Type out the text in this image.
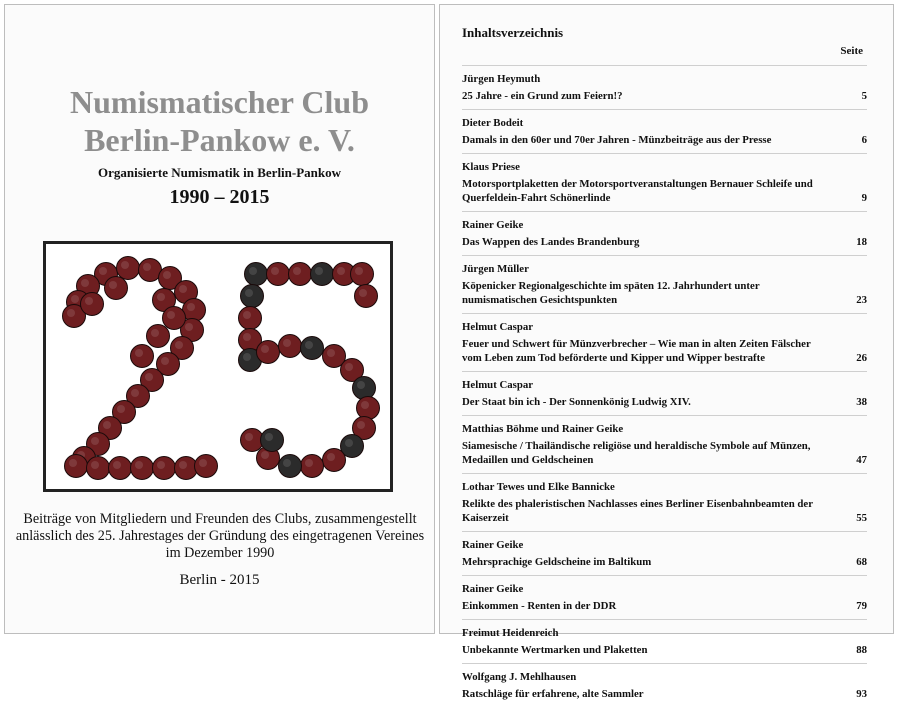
Numismatischer Club
Berlin-Pankow e. V.
Organisierte Numismatik in Berlin-Pankow
1990 – 2015
Beiträge von Mitgliedern und Freunden des Clubs, zusammengestellt anlässlich des 25. Jahrestages der Gründung des eingetragenen Vereines im Dezember 1990
Berlin - 2015
Inhaltsverzeichnis
Seite
Jürgen Heymuth
25 Jahre - ein Grund zum Feiern!?	5
Dieter Bodeit
Damals in den 60er und 70er Jahren - Münzbeiträge aus der Presse	6
Klaus Priese
Motorsportplaketten der Motorsportveranstaltungen Bernauer Schleife und Querfeldein-Fahrt Schönerlinde	9
Rainer Geike
Das Wappen des Landes Brandenburg	18
Jürgen Müller
Köpenicker Regionalgeschichte im späten 12. Jahrhundert unter numismatischen Gesichtspunkten	23
Helmut Caspar
Feuer und Schwert für Münzverbrecher – Wie man in alten Zeiten Fälscher vom Leben zum Tod beförderte und Kipper und Wipper bestrafte	26
Helmut Caspar
Der Staat bin ich - Der Sonnenkönig Ludwig XIV.	38
Matthias Böhme und Rainer Geike
Siamesische / Thailändische religiöse und heraldische Symbole auf Münzen, Medaillen und Geldscheinen	47
Lothar Tewes und Elke Bannicke
Relikte des phaleristischen Nachlasses eines Berliner Eisenbahnbeamten der Kaiserzeit	55
Rainer Geike
Mehrsprachige Geldscheine im Baltikum	68
Rainer Geike
Einkommen - Renten in der DDR	79
Freimut Heidenreich
Unbekannte Wertmarken und Plaketten	88
Wolfgang J. Mehlhausen
Ratschläge für erfahrene, alte Sammler	93
